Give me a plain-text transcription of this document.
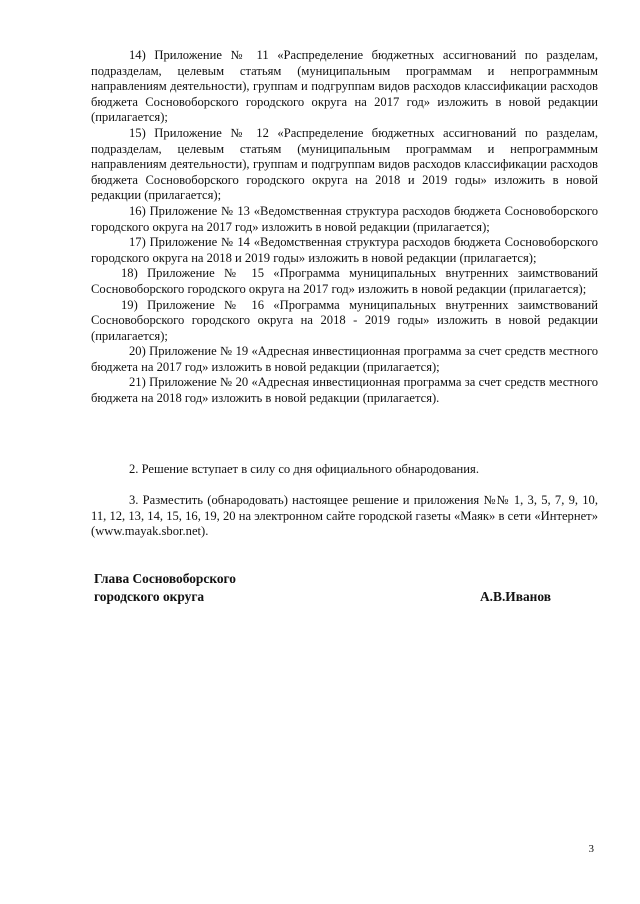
14) Приложение № 11 «Распределение бюджетных ассигнований по разделам, подразделам, целевым статьям (муниципальным программам и непрограммным направлениям деятельности), группам и подгруппам видов расходов классификации расходов бюджета Сосновоборского городского округа на 2017 год» изложить в новой редакции (прилагается);

15) Приложение № 12 «Распределение бюджетных ассигнований по разделам, подразделам, целевым статьям (муниципальным программам и непрограммным направлениям деятельности), группам и подгруппам видов расходов классификации расходов бюджета Сосновоборского городского округа на 2018 и 2019 годы» изложить в новой редакции (прилагается);

16) Приложение № 13 «Ведомственная структура расходов бюджета Сосновоборского городского округа на 2017 год» изложить в новой редакции (прилагается);

17) Приложение № 14 «Ведомственная структура расходов бюджета Сосновоборского городского округа на 2018 и 2019 годы» изложить в новой редакции (прилагается);

18) Приложение № 15 «Программа муниципальных внутренних заимствований Сосновоборского городского округа на 2017 год» изложить в новой редакции (прилагается);

19) Приложение № 16 «Программа муниципальных внутренних заимствований Сосновоборского городского округа на 2018 - 2019 годы» изложить в новой редакции (прилагается);

20) Приложение № 19 «Адресная инвестиционная программа за счет средств местного бюджета на 2017 год» изложить в новой редакции (прилагается);

21) Приложение № 20 «Адресная инвестиционная программа за счет средств местного бюджета на 2018 год» изложить в новой редакции (прилагается).

2. Решение вступает в силу со дня официального обнародования.

3. Разместить (обнародовать) настоящее решение и приложения №№ 1, 3, 5, 7, 9, 10, 11, 12, 13, 14, 15, 16, 19, 20 на электронном сайте городской газеты «Маяк» в сети «Интернет» (www.mayak.sbor.net).

Глава Сосновоборского
городского округа	А.В.Иванов
3
